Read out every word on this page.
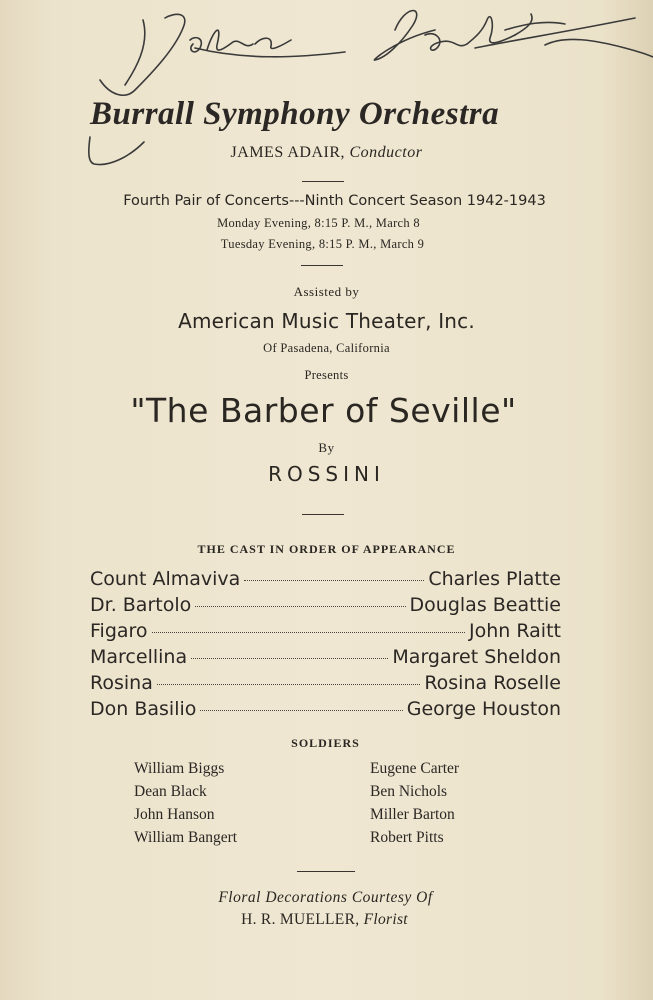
Burrall Symphony Orchestra
JAMES ADAIR, Conductor
Fourth Pair of Concerts---Ninth Concert Season 1942-1943
Monday Evening, 8:15 P. M., March 8
Tuesday Evening, 8:15 P. M., March 9
Assisted by
American Music Theater, Inc.
Of Pasadena, California
Presents
"The Barber of Seville"
By
ROSSINI
THE CAST IN ORDER OF APPEARANCE
Count Almaviva	Charles Platte
Dr. Bartolo	Douglas Beattie
Figaro	John Raitt
Marcellina	Margaret Sheldon
Rosina	Rosina Roselle
Don Basilio	George Houston
SOLDIERS
William Biggs	Eugene Carter
Dean Black	Ben Nichols
John Hanson	Miller Barton
William Bangert	Robert Pitts
Floral Decorations Courtesy Of
H. R. MUELLER, Florist
